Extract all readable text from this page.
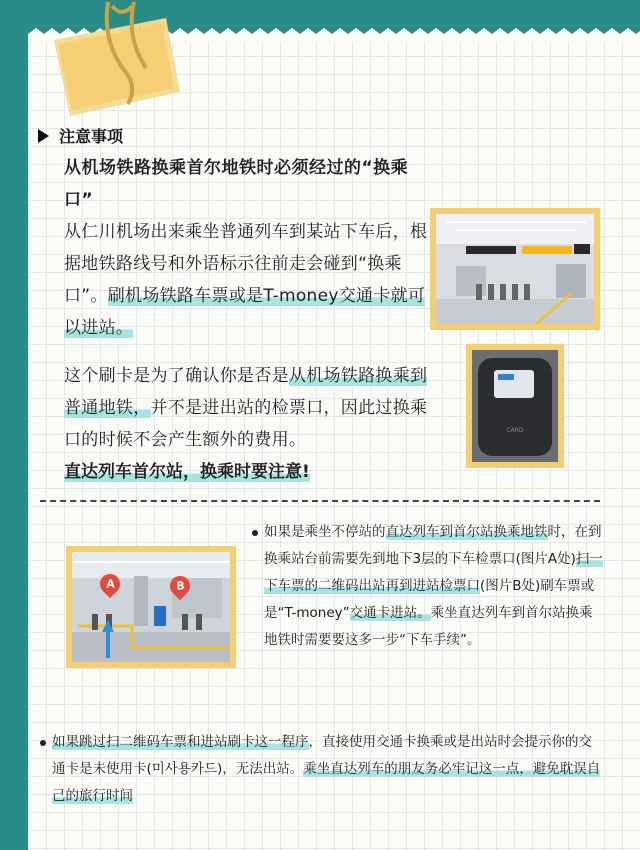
注意事项
从机场铁路换乘首尔地铁时必须经过的“换乘口”
从仁川机场出来乘坐普通列车到某站下车后，根据地铁路线号和外语标示往前走会碰到“换乘口”。刷机场铁路车票或是T-money交通卡就可以进站。
这个刷卡是为了确认你是否是从机场铁路换乘到普通地铁，并不是进出站的检票口，因此过换乘口的时候不会产生额外的费用。
直达列车首尔站，换乘时要注意!
CARD
A	B
如果是乘坐不停站的直达列车到首尔站换乘地铁时，在到换乘站台前需要先到地下3层的下车检票口(图片A处)扫一下车票的二维码出站再到进站检票口(图片B处)刷车票或是“T-money”交通卡进站。乘坐直达列车到首尔站换乘地铁时需要要这多一步“下车手续”。
如果跳过扫二维码车票和进站刷卡这一程序，直接使用交通卡换乘或是出站时会提示你的交通卡是未使用卡(미사용카드)，无法出站。乘坐直达列车的朋友务必牢记这一点，避免耽误自己的旅行时间
